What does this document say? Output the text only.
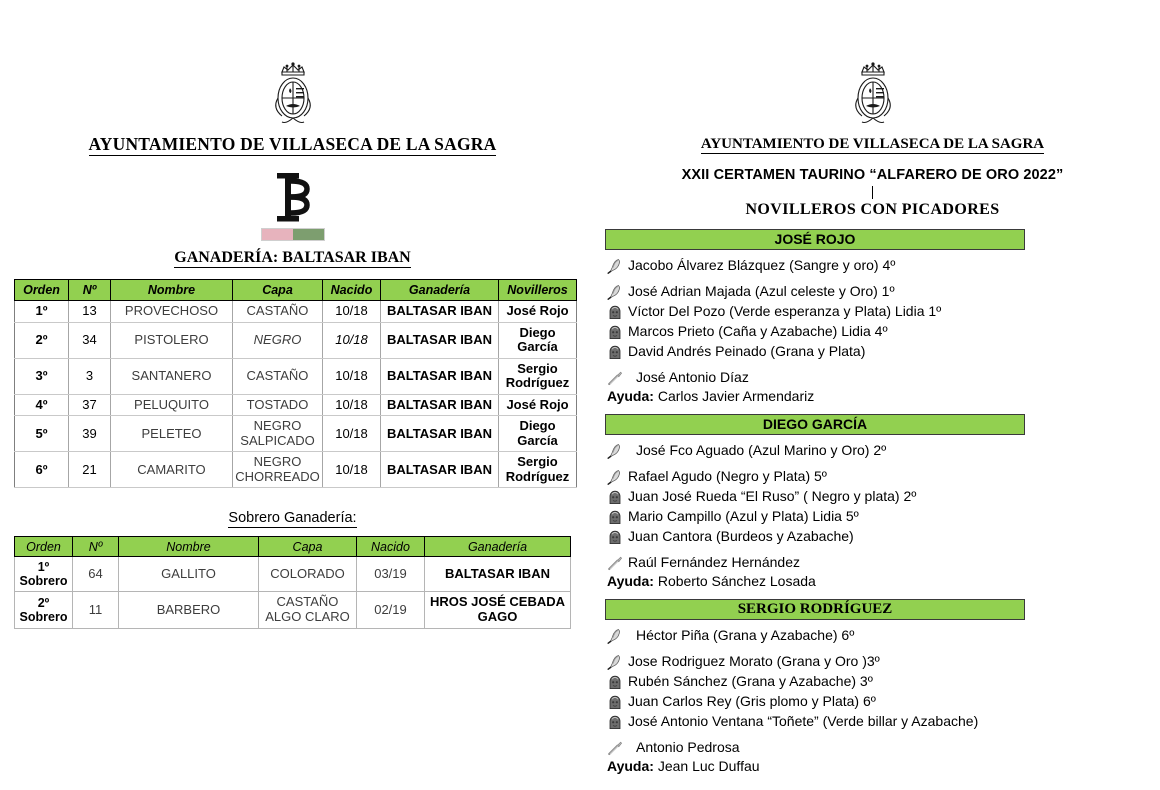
AYUNTAMIENTO DE VILLASECA DE LA SAGRA
GANADERÍA: BALTASAR IBAN
Orden	Nº	Nombre	Capa	Nacido	Ganadería	Novilleros
1º	13	PROVECHOSO	CASTAÑO	10/18	BALTASAR IBAN	José Rojo
2º	34	PISTOLERO	NEGRO	10/18	BALTASAR IBAN	Diego García
3º	3	SANTANERO	CASTAÑO	10/18	BALTASAR IBAN	Sergio Rodríguez
4º	37	PELUQUITO	TOSTADO	10/18	BALTASAR IBAN	José Rojo
5º	39	PELETEO	NEGRO SALPICADO	10/18	BALTASAR IBAN	Diego García
6º	21	CAMARITO	NEGRO CHORREADO	10/18	BALTASAR IBAN	Sergio Rodríguez
Sobrero Ganadería:
Orden	Nº	Nombre	Capa	Nacido	Ganadería
1º Sobrero	64	GALLITO	COLORADO	03/19	BALTASAR IBAN
2º Sobrero	11	BARBERO	CASTAÑO ALGO CLARO	02/19	HROS JOSÉ CEBADA GAGO
AYUNTAMIENTO DE VILLASECA DE LA SAGRA
XXII CERTAMEN TAURINO “ALFARERO DE ORO 2022”
NOVILLEROS CON PICADORES
JOSÉ ROJO
Jacobo Álvarez Blázquez (Sangre y oro) 4º
José Adrian Majada (Azul celeste y Oro) 1º
Víctor Del Pozo (Verde esperanza y Plata) Lidia 1º
Marcos Prieto (Caña y Azabache) Lidia 4º
David Andrés Peinado (Grana y Plata)
José Antonio Díaz
Ayuda: Carlos Javier Armendariz
DIEGO GARCÍA
José Fco Aguado (Azul Marino y Oro) 2º
Rafael Agudo (Negro y Plata) 5º
Juan José Rueda “El Ruso” ( Negro y plata) 2º
Mario Campillo (Azul y Plata) Lidia 5º
Juan Cantora (Burdeos y Azabache)
Raúl Fernández Hernández
Ayuda: Roberto Sánchez Losada
SERGIO RODRÍGUEZ
Héctor Piña (Grana y Azabache) 6º
Jose Rodriguez Morato (Grana y Oro )3º
Rubén Sánchez (Grana y Azabache) 3º
Juan Carlos Rey (Gris plomo y Plata) 6º
José Antonio Ventana “Toñete” (Verde billar y Azabache)
Antonio Pedrosa
Ayuda: Jean Luc Duffau
